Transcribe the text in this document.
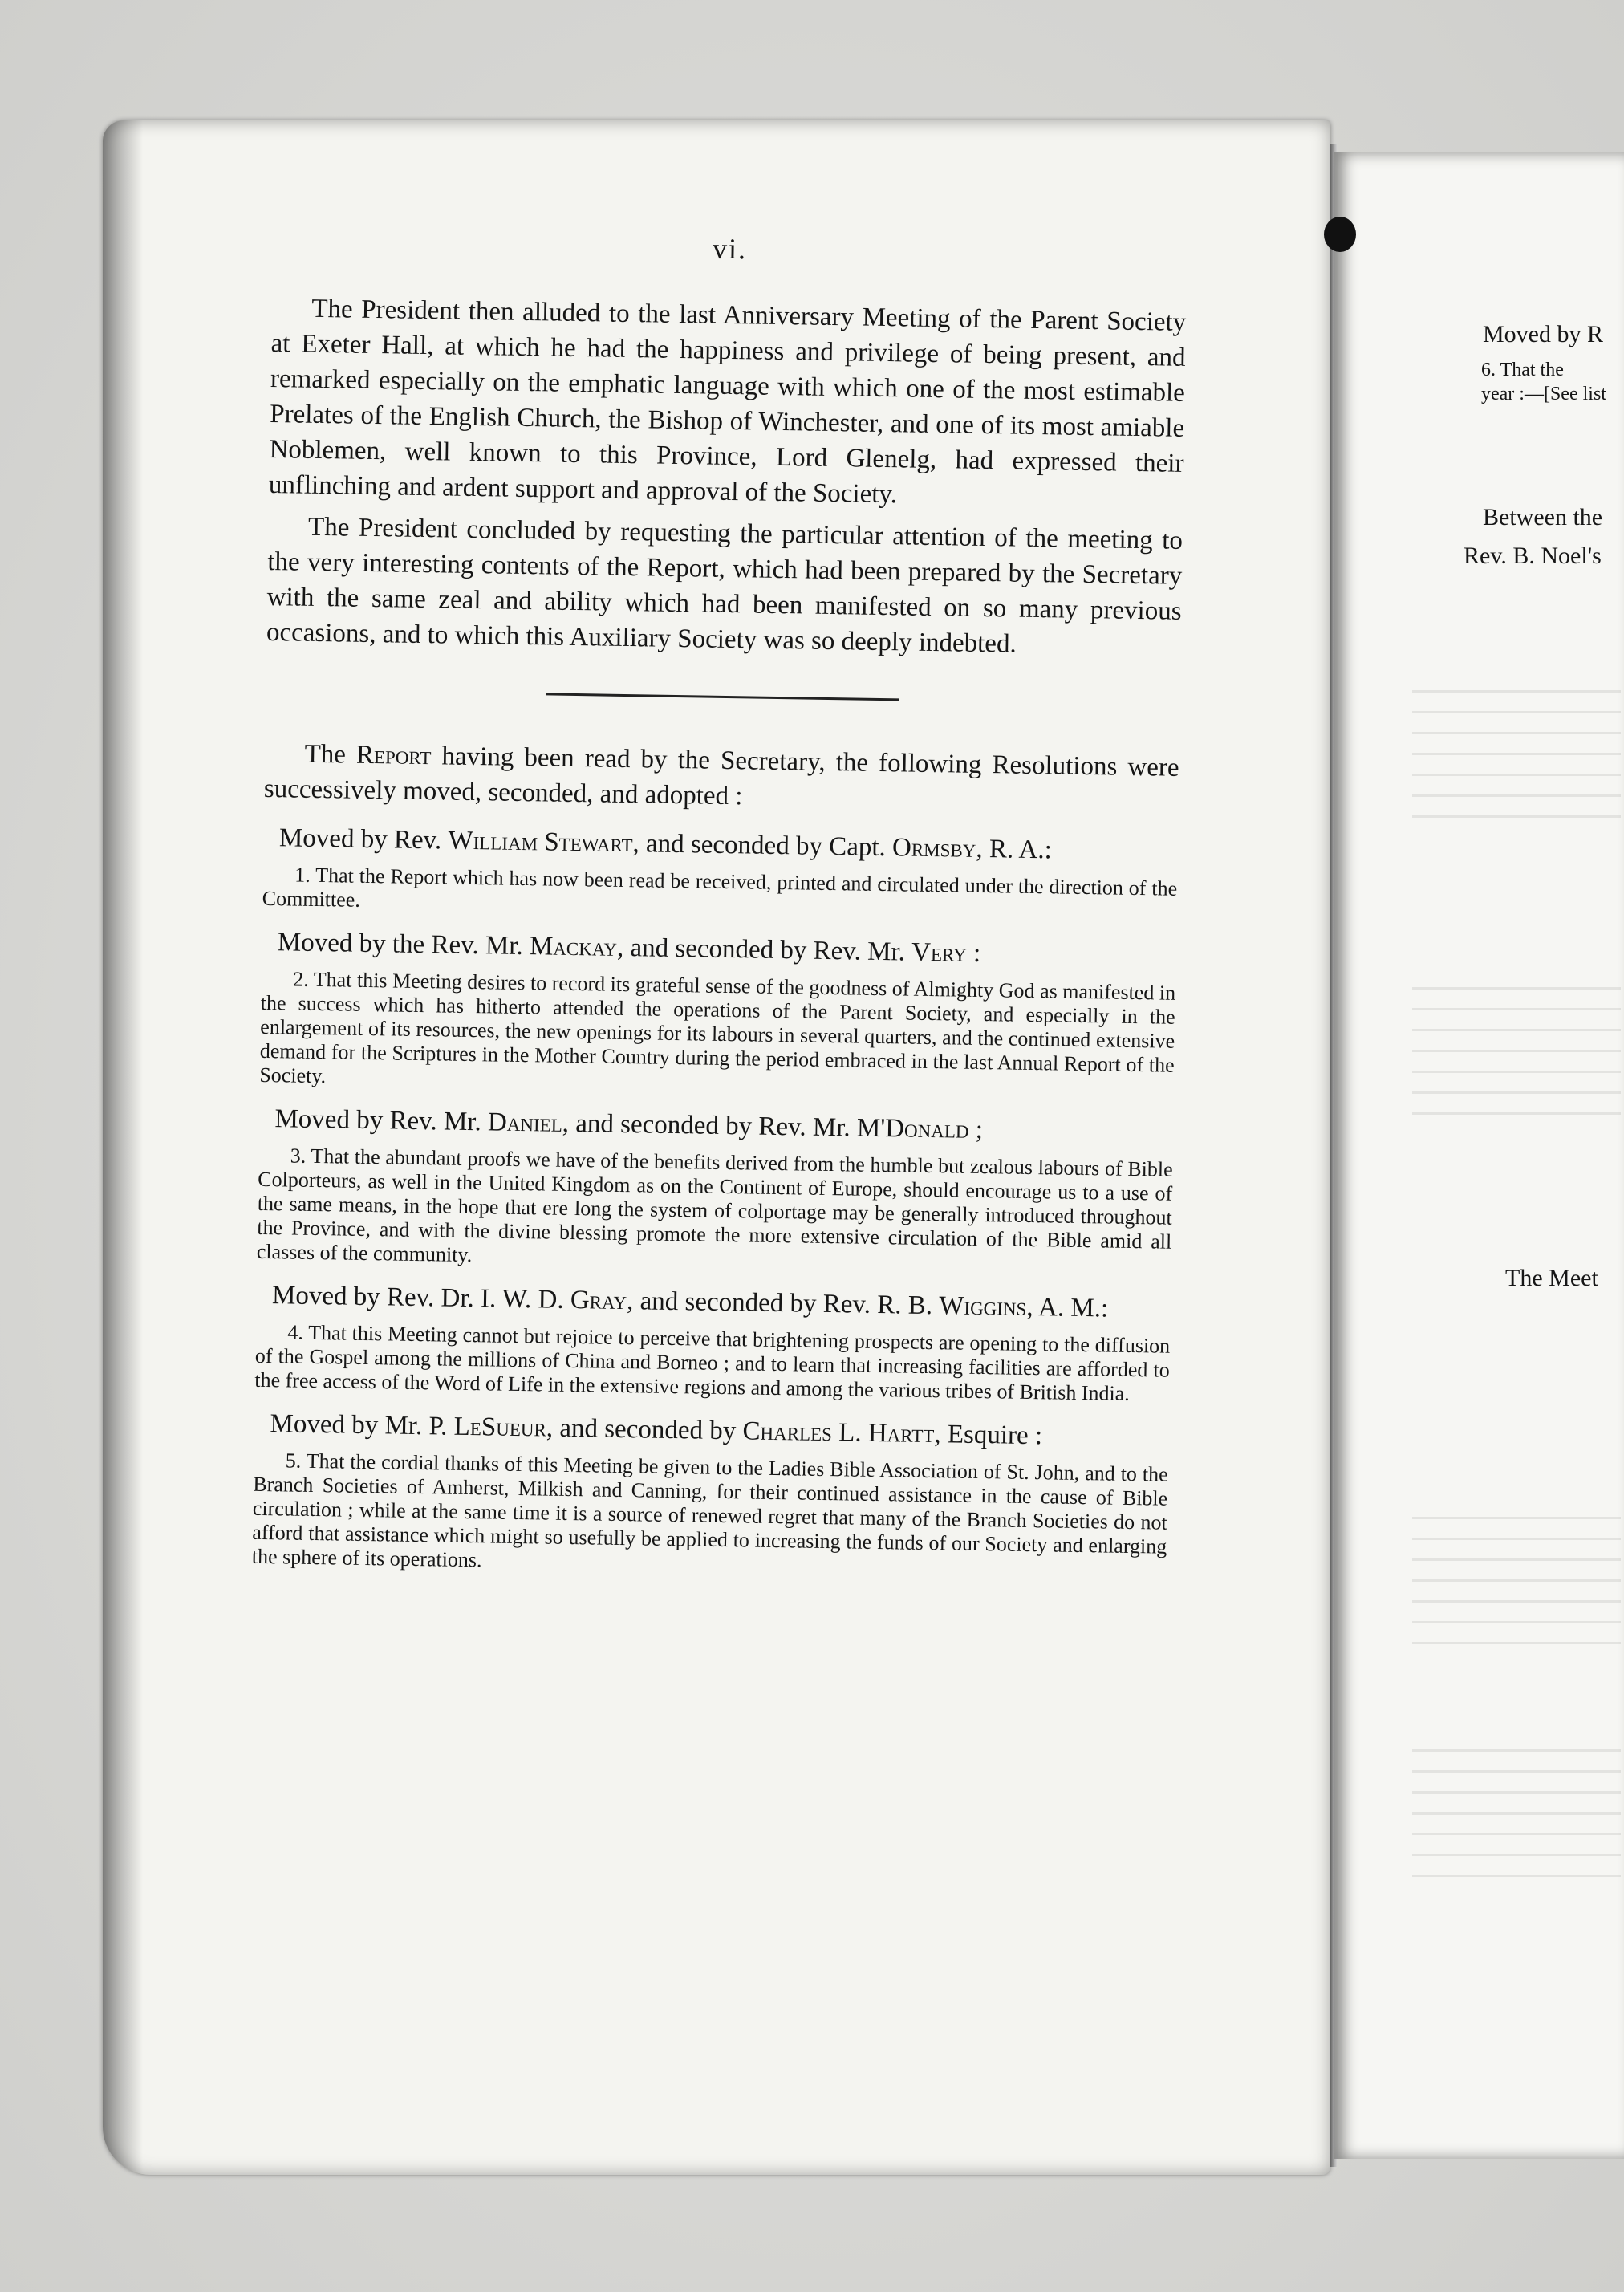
vi.

The President then alluded to the last Anniversary Meeting of the Parent Society at Exeter Hall, at which he had the happiness and privilege of being present, and remarked especially on the emphatic language with which one of the most estimable Prelates of the English Church, the Bishop of Winchester, and one of its most amiable Noblemen, well known to this Province, Lord Glenelg, had expressed their unflinching and ardent support and approval of the Society.

The President concluded by requesting the particular attention of the meeting to the very interesting contents of the Report, which had been prepared by the Secretary with the same zeal and ability which had been manifested on so many previous occasions, and to which this Auxiliary Society was so deeply indebted.

The Report having been read by the Secretary, the following Resolutions were successively moved, seconded, and adopted :

Moved by Rev. William Stewart, and seconded by Capt. Ormsby, R. A.:

1. That the Report which has now been read be received, printed and circulated under the direction of the Committee.

Moved by the Rev. Mr. Mackay, and seconded by Rev. Mr. Very :

2. That this Meeting desires to record its grateful sense of the goodness of Almighty God as manifested in the success which has hitherto attended the operations of the Parent Society, and especially in the enlargement of its resources, the new openings for its labours in several quarters, and the continued extensive demand for the Scriptures in the Mother Country during the period embraced in the last Annual Report of the Society.

Moved by Rev. Mr. Daniel, and seconded by Rev. Mr. M'Donald ;

3. That the abundant proofs we have of the benefits derived from the humble but zealous labours of Bible Colporteurs, as well in the United Kingdom as on the Continent of Europe, should encourage us to a use of the same means, in the hope that ere long the system of colportage may be generally introduced throughout the Province, and with the divine blessing promote the more extensive circulation of the Bible amid all classes of the community.

Moved by Rev. Dr. I. W. D. Gray, and seconded by Rev. R. B. Wiggins, A. M.:

4. That this Meeting cannot but rejoice to perceive that brightening prospects are opening to the diffusion of the Gospel among the millions of China and Borneo ; and to learn that increasing facilities are afforded to the free access of the Word of Life in the extensive regions and among the various tribes of British India.

Moved by Mr. P. LeSueur, and seconded by Charles L. Hartt, Esquire :

5. That the cordial thanks of this Meeting be given to the Ladies Bible Association of St. John, and to the Branch Societies of Amherst, Milkish and Canning, for their continued assistance in the cause of Bible circulation ; while at the same time it is a source of renewed regret that many of the Branch Societies do not afford that assistance which might so usefully be applied to increasing the funds of our Society and enlarging the sphere of its operations.

Moved by R
6. That the
year :—[See list
Between the
Rev. B. Noel's
The Meet
